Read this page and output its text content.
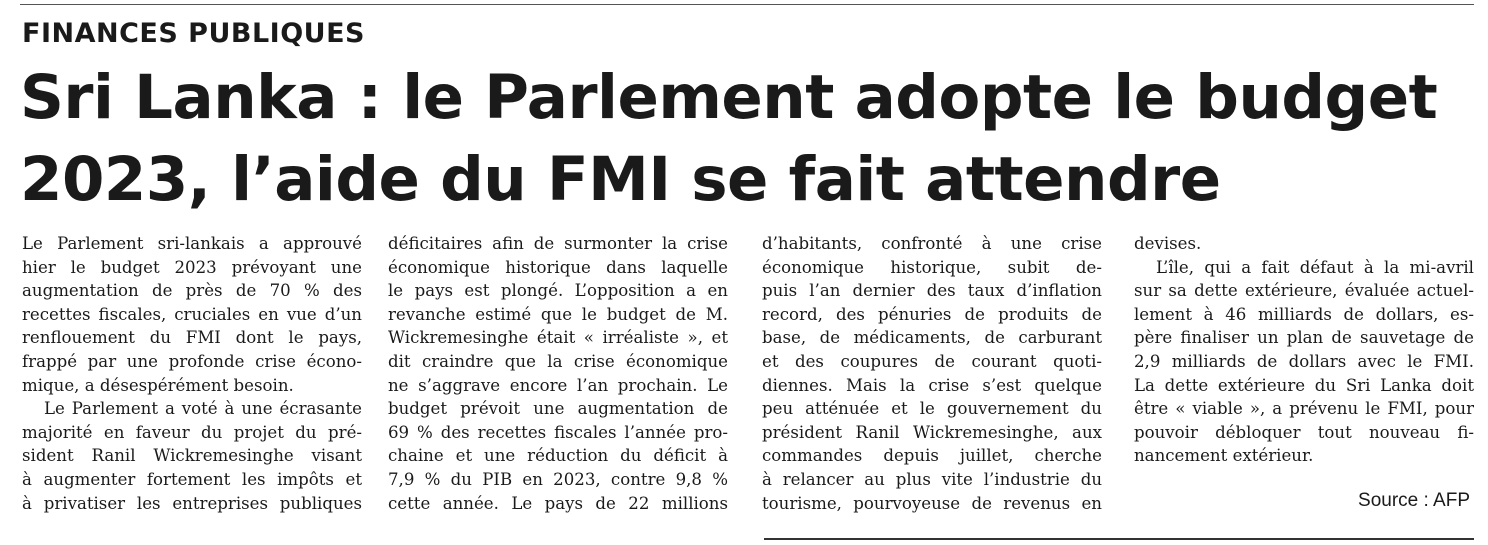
FINANCES PUBLIQUES
Sri Lanka : le Parlement adopte le budget
2023, l’aide du FMI se fait attendre

Le Parlement sri-lankais a approuvé

hier le budget 2023 prévoyant une

augmentation de près de 70 % des

recettes fiscales, cruciales en vue d’un

renflouement du FMI dont le pays,

frappé par une profonde crise écono-

mique, a désespérément besoin.

Le Parlement a voté à une écrasante

majorité en faveur du projet du pré-

sident Ranil Wickremesinghe visant

à augmenter fortement les impôts et

à privatiser les entreprises publiques

déficitaires afin de surmonter la crise

économique historique dans laquelle

le pays est plongé. L’opposition a en

revanche estimé que le budget de M.

Wickremesinghe était « irréaliste », et

dit craindre que la crise économique

ne s’aggrave encore l’an prochain. Le

budget prévoit une augmentation de

69 % des recettes fiscales l’année pro-

chaine et une réduction du déficit à

7,9 % du PIB en 2023, contre 9,8 %

cette année. Le pays de 22 millions

d’habitants, confronté à une crise

économique historique, subit de-

puis l’an dernier des taux d’inflation

record, des pénuries de produits de

base, de médicaments, de carburant

et des coupures de courant quoti-

diennes. Mais la crise s’est quelque

peu atténuée et le gouvernement du

président Ranil Wickremesinghe, aux

commandes depuis juillet, cherche

à relancer au plus vite l’industrie du

tourisme, pourvoyeuse de revenus en

devises.

L’île, qui a fait défaut à la mi-avril

sur sa dette extérieure, évaluée actuel-

lement à 46 milliards de dollars, es-

père finaliser un plan de sauvetage de

2,9 milliards de dollars avec le FMI.

La dette extérieure du Sri Lanka doit

être « viable », a prévenu le FMI, pour

pouvoir débloquer tout nouveau fi-

nancement extérieur.

Source : AFP
